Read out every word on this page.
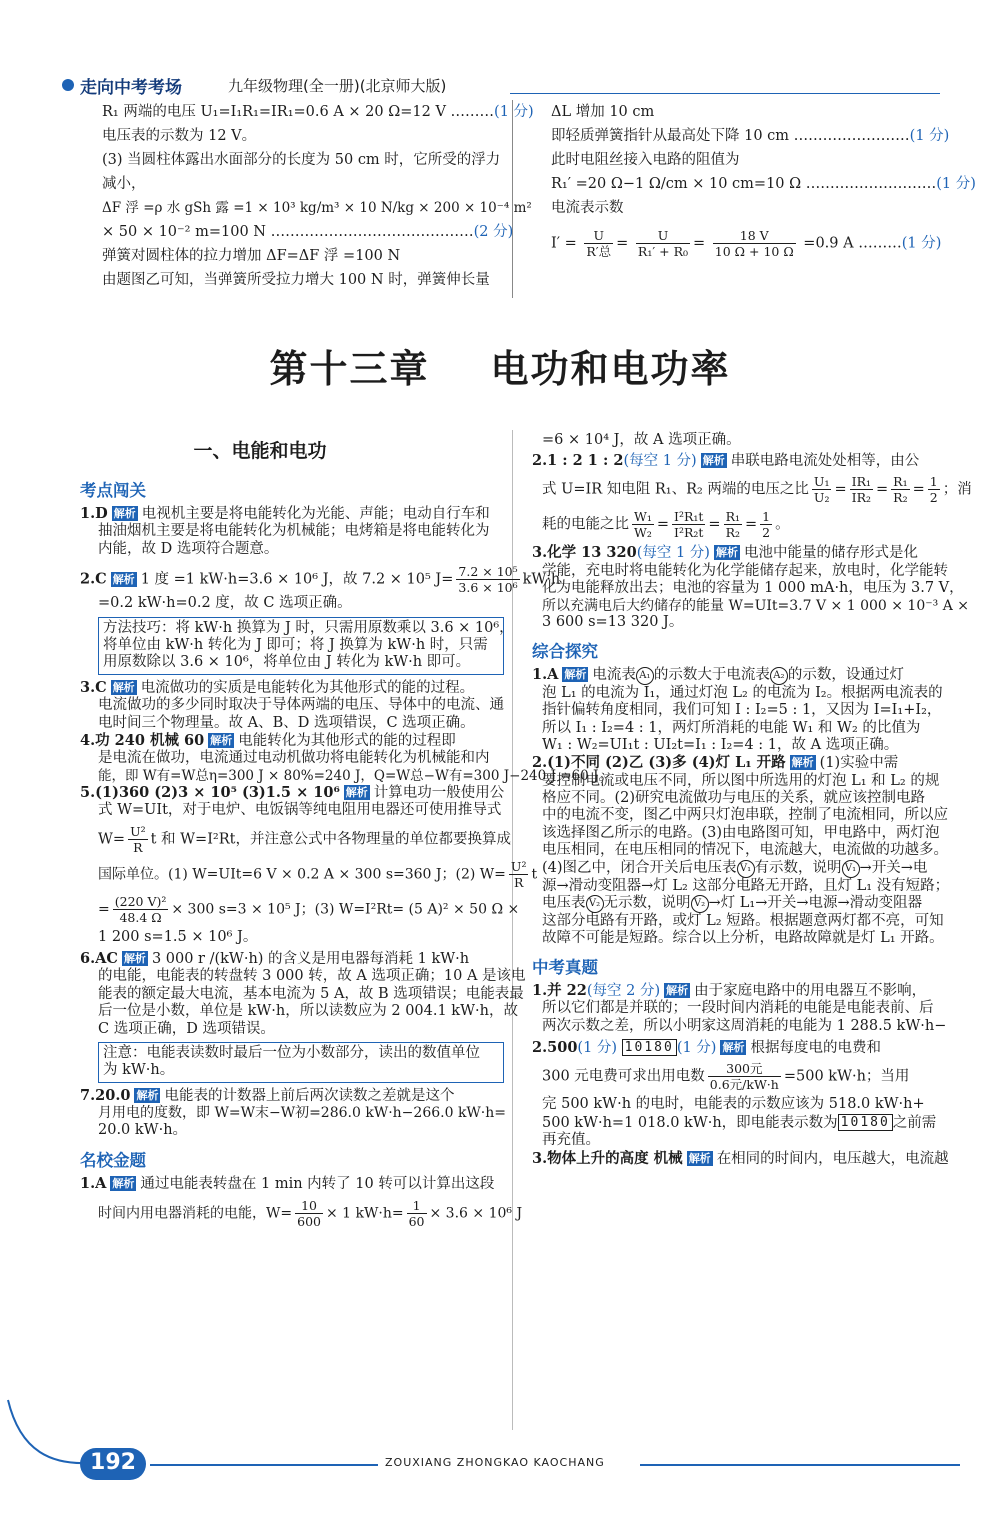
走向中考考场	九年级物理(全一册)(北京师大版)
R₁ 两端的电压 U₁=I₁R₁=IR₁=0.6 A × 20 Ω=12 V ………(1 分)
电压表的示数为 12 V。
(3) 当圆柱体露出水面部分的长度为 50 cm 时，它所受的浮力
减小，
ΔF 浮 =ρ 水 gSh 露 =1 × 10³ kg/m³ × 10 N/kg × 200 × 10⁻⁴ m²
× 50 × 10⁻² m=100 N ……………………………………(2 分)
弹簧对圆柱体的拉力增加 ΔF=ΔF 浮 =100 N
由题图乙可知，当弹簧所受拉力增大 100 N 时，弹簧伸长量
ΔL 增加 10 cm
即轻质弹簧指针从最高处下降 10 cm ……………………(1 分)
此时电阻丝接入电路的阻值为
R₁′ =20 Ω−1 Ω/cm × 10 cm=10 Ω ………………………(1 分)
电流表示数
$I' = \frac{U}{\text{R′总}} = \frac{U}{\text{R₁′ + R₀}} = \frac{18 V}{10 \Omega + 10 \Omega} =0.9$ A ………(1 分)
第十三章    电功和电功率
一、电能和电功
考点闯关
1.D 解析 电视机主要是将电能转化为光能、声能；电动自行车和
抽油烟机主要是将电能转化为机械能；电烤箱是将电能转化为
内能，故 D 选项符合题意。
2.C 解析 1 度 =1 kW·h=3.6 × 10⁶ J，故 7.2 × 10⁵ $J= \frac{\text{7.2 × 10⁵}}{\text{3.6 × 10⁶}} kW\cdot h$
=0.2 kW·h=0.2 度，故 C 选项正确。
方法技巧：将 kW·h 换算为 J 时，只需用原数乘以 3.6 × 10⁶，
将单位由 kW·h 转化为 J 即可；将 J 换算为 kW·h 时，只需
用原数除以 3.6 × 10⁶，将单位由 J 转化为 kW·h 即可。
3.C 解析 电流做功的实质是电能转化为其他形式的能的过程。
电流做功的多少同时取决于导体两端的电压、导体中的电流、通
电时间三个物理量。故 A、B、D 选项错误，C 选项正确。
4.功 240 机械 60 解析 电能转化为其他形式的能的过程即
是电流在做功，电流通过电动机做功将电能转化为机械能和内
能，即 W有=W总η=300 J × 80%=240 J，Q=W总−W有=300 J−240 J =60 J。
5.(1)360 (2)3 × 10⁵ (3)1.5 × 10⁶ 解析 计算电功一般使用公
式 W=UIt，对于电炉、电饭锅等纯电阻用电器还可使用推导式
$W= \frac{\text{U²}}{R}$ t 和 W=I²Rt，并注意公式中各物理量的单位都要换算成
国际单位。(1) W=UIt=6 V × 0.2 A × 300 s=360 J；(2) $W= \frac{\text{U²}}{R}$ t
= $\frac{\text{(220 V)²}}{48.4 \Omega} \times 300$ s=3 × 10⁵ J；(3) W=I²Rt= (5 A)² × 50 Ω ×
1 200 s=1.5 × 10⁶ J。
6.AC 解析 3 000 r /(kW·h) 的含义是用电器每消耗 1 kW·h
的电能，电能表的转盘转 3 000 转，故 A 选项正确；10 A 是该电
能表的额定最大电流，基本电流为 5 A，故 B 选项错误；电能表最
后一位是小数，单位是 kW·h，所以读数应为 2 004.1 kW·h，故
C 选项正确，D 选项错误。
注意：电能表读数时最后一位为小数部分，读出的数值单位
为 kW·h。
7.20.0 解析 电能表的计数器上前后两次读数之差就是这个
月用电的度数，即 W=W末−W初=286.0 kW·h−266.0 kW·h=
20.0 kW·h。
名校金题
1.A 解析 通过电能表转盘在 1 min 内转了 10 转可以计算出这段
时间内用电器消耗的电能，$W= \frac{10}{600} \times 1$ $kW\cdot h= \frac{1}{60} \times 3.6 \times 10^6$ J
=6 × 10⁴ J，故 A 选项正确。
2.1 : 2 1 : 2(每空 1 分) 解析 串联电路电流处处相等，由公
式 U=IR 知电阻 R₁、R₂ 两端的电压之比 $\frac{\text{U₁}}{\text{U₂}} = \frac{\text{IR₁}}{\text{IR₂}} = \frac{\text{R₁}}{\text{R₂}} = \frac{1}{2}$ ；消
耗的电能之比 $\frac{\text{W₁}}{\text{W₂}} = \frac{\text{I²R₁t}}{\text{I²R₂t}} = \frac{\text{R₁}}{\text{R₂}} = \frac{1}{2}$ 。
3.化学 13 320(每空 1 分) 解析 电池中能量的储存形式是化
学能，充电时将电能转化为化学能储存起来，放电时，化学能转
化为电能释放出去；电池的容量为 1 000 mA·h，电压为 3.7 V，
所以充满电后大约储存的能量 W=UIt=3.7 V × 1 000 × 10⁻³ A ×
3 600 s=13 320 J。
综合探究
1.A 解析 电流表 A₁ 的示数大于电流表 A₂ 的示数，设通过灯
泡 L₁ 的电流为 I₁，通过灯泡 L₂ 的电流为 I₂。根据两电流表的
指针偏转角度相同，我们可知 I : I₂=5 : 1，又因为 I=I₁+I₂，
所以 I₁ : I₂=4 : 1，两灯所消耗的电能 W₁ 和 W₂ 的比值为
W₁ : W₂=UI₁t : UI₂t=I₁ : I₂=4 : 1，故 A 选项正确。
2.(1)不同 (2)乙 (3)多 (4)灯 L₁ 开路 解析 (1)实验中需
要控制电流或电压不同，所以图中所选用的灯泡 L₁ 和 L₂ 的规
格应不同。(2)研究电流做功与电压的关系，就应该控制电路
中的电流不变，图乙中两只灯泡串联，控制了电流相同，所以应
该选择图乙所示的电路。(3)由电路图可知，甲电路中，两灯泡
电压相同，在电压相同的情况下，电流越大，电流做的功越多。
(4)图乙中，闭合开关后电压表 V₁ 有示数，说明 V₁ →开关→电
源→滑动变阻器→灯 L₂ 这部分电路无开路，且灯 L₁ 没有短路；
电压表 V₂ 无示数，说明 V₂ →灯 L₁→开关→电源→滑动变阻器
这部分电路有开路，或灯 L₂ 短路。根据题意两灯都不亮，可知
故障不可能是短路。综合以上分析，电路故障就是灯 L₁ 开路。
中考真题
1.并 22(每空 2 分) 解析 由于家庭电路中的用电器互不影响，
所以它们都是并联的；一段时间内消耗的电能是电能表前、后
两次示数之差，所以小明家这周消耗的电能为 1 288.5 kW·h−
2.500(1 分) 10180 (1 分) 解析 根据每度电的电费和
300 元电费可求出用电数 $\frac{\text{300元}}{\text{0.6元/kW·h}} =500$ kW·h；当用
完 500 kW·h 的电时，电能表的示数应该为 518.0 kW·h+
500 kW·h=1 018.0 kW·h，即电能表示数为 10180 之前需
再充值。
3.物体上升的高度 机械 解析 在相同的时间内，电压越大，电流越
192	ZOUXIANG ZHONGKAO KAOCHANG
